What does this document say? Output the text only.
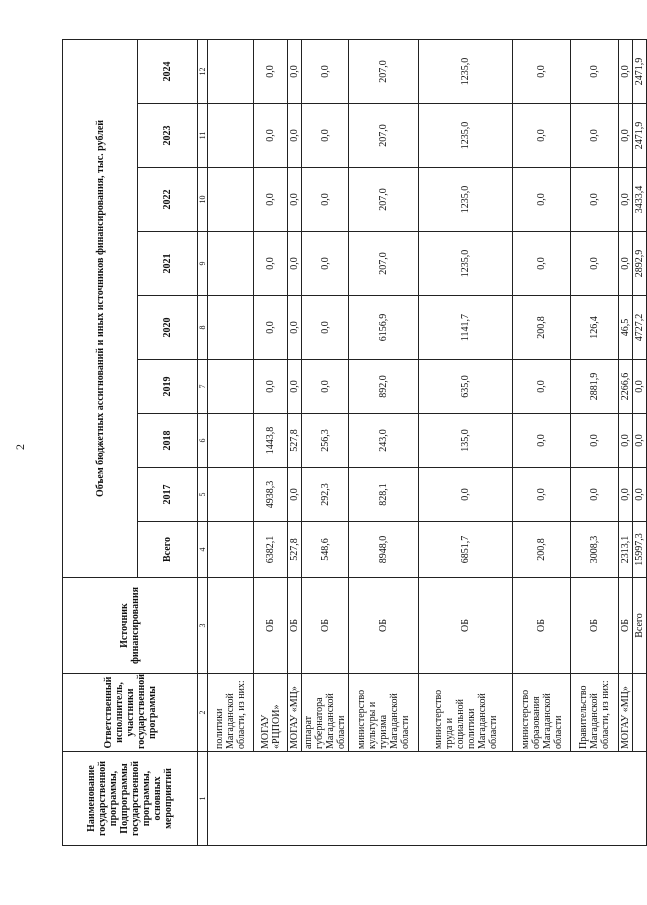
2
Наименование государственной программы, Подпрограммы государственной программы, основных мероприятий	Ответственный исполнитель, участники государственной программы	Источник финансирования	Объем бюджетных ассигнований и иных источников финансирования, тыс. рублей								
			Всего	2017	2018	2019	2020	2021	2022	2023	2024
1	2	3	4	5	6	7	8	9	10	11	12
	политики Магаданской области, из них:										
	МОГАУ «РЦПОИ»	ОБ	6382,1	4938,3	1443,8	0,0	0,0	0,0	0,0	0,0	0,0
	МОГАУ «МЦ»	ОБ	527,8	0,0	527,8	0,0	0,0	0,0	0,0	0,0	0,0
	аппарат губернатора Магаданской области	ОБ	548,6	292,3	256,3	0,0	0,0	0,0	0,0	0,0	0,0
	министерство культуры и туризма Магаданской области	ОБ	8948,0	828,1	243,0	892,0	6156,9	207,0	207,0	207,0	207,0
	министерство труда и социальной политики Магаданской области	ОБ	6851,7	0,0	135,0	635,0	1141,7	1235,0	1235,0	1235,0	1235,0
	министерство образования Магаданской области	ОБ	200,8	0,0	0,0	0,0	200,8	0,0	0,0	0,0	0,0
	Правительство Магаданской области, из них:	ОБ	3008,3	0,0	0,0	2881,9	126,4	0,0	0,0	0,0	0,0
	МОГАУ «МЦ»	ОБ	2313,1	0,0	0,0	2266,6	46,5	0,0	0,0	0,0	0,0
		Всего	15997,3	0,0	0,0	0,0	4727,2	2892,9	3433,4	2471,9	2471,9
